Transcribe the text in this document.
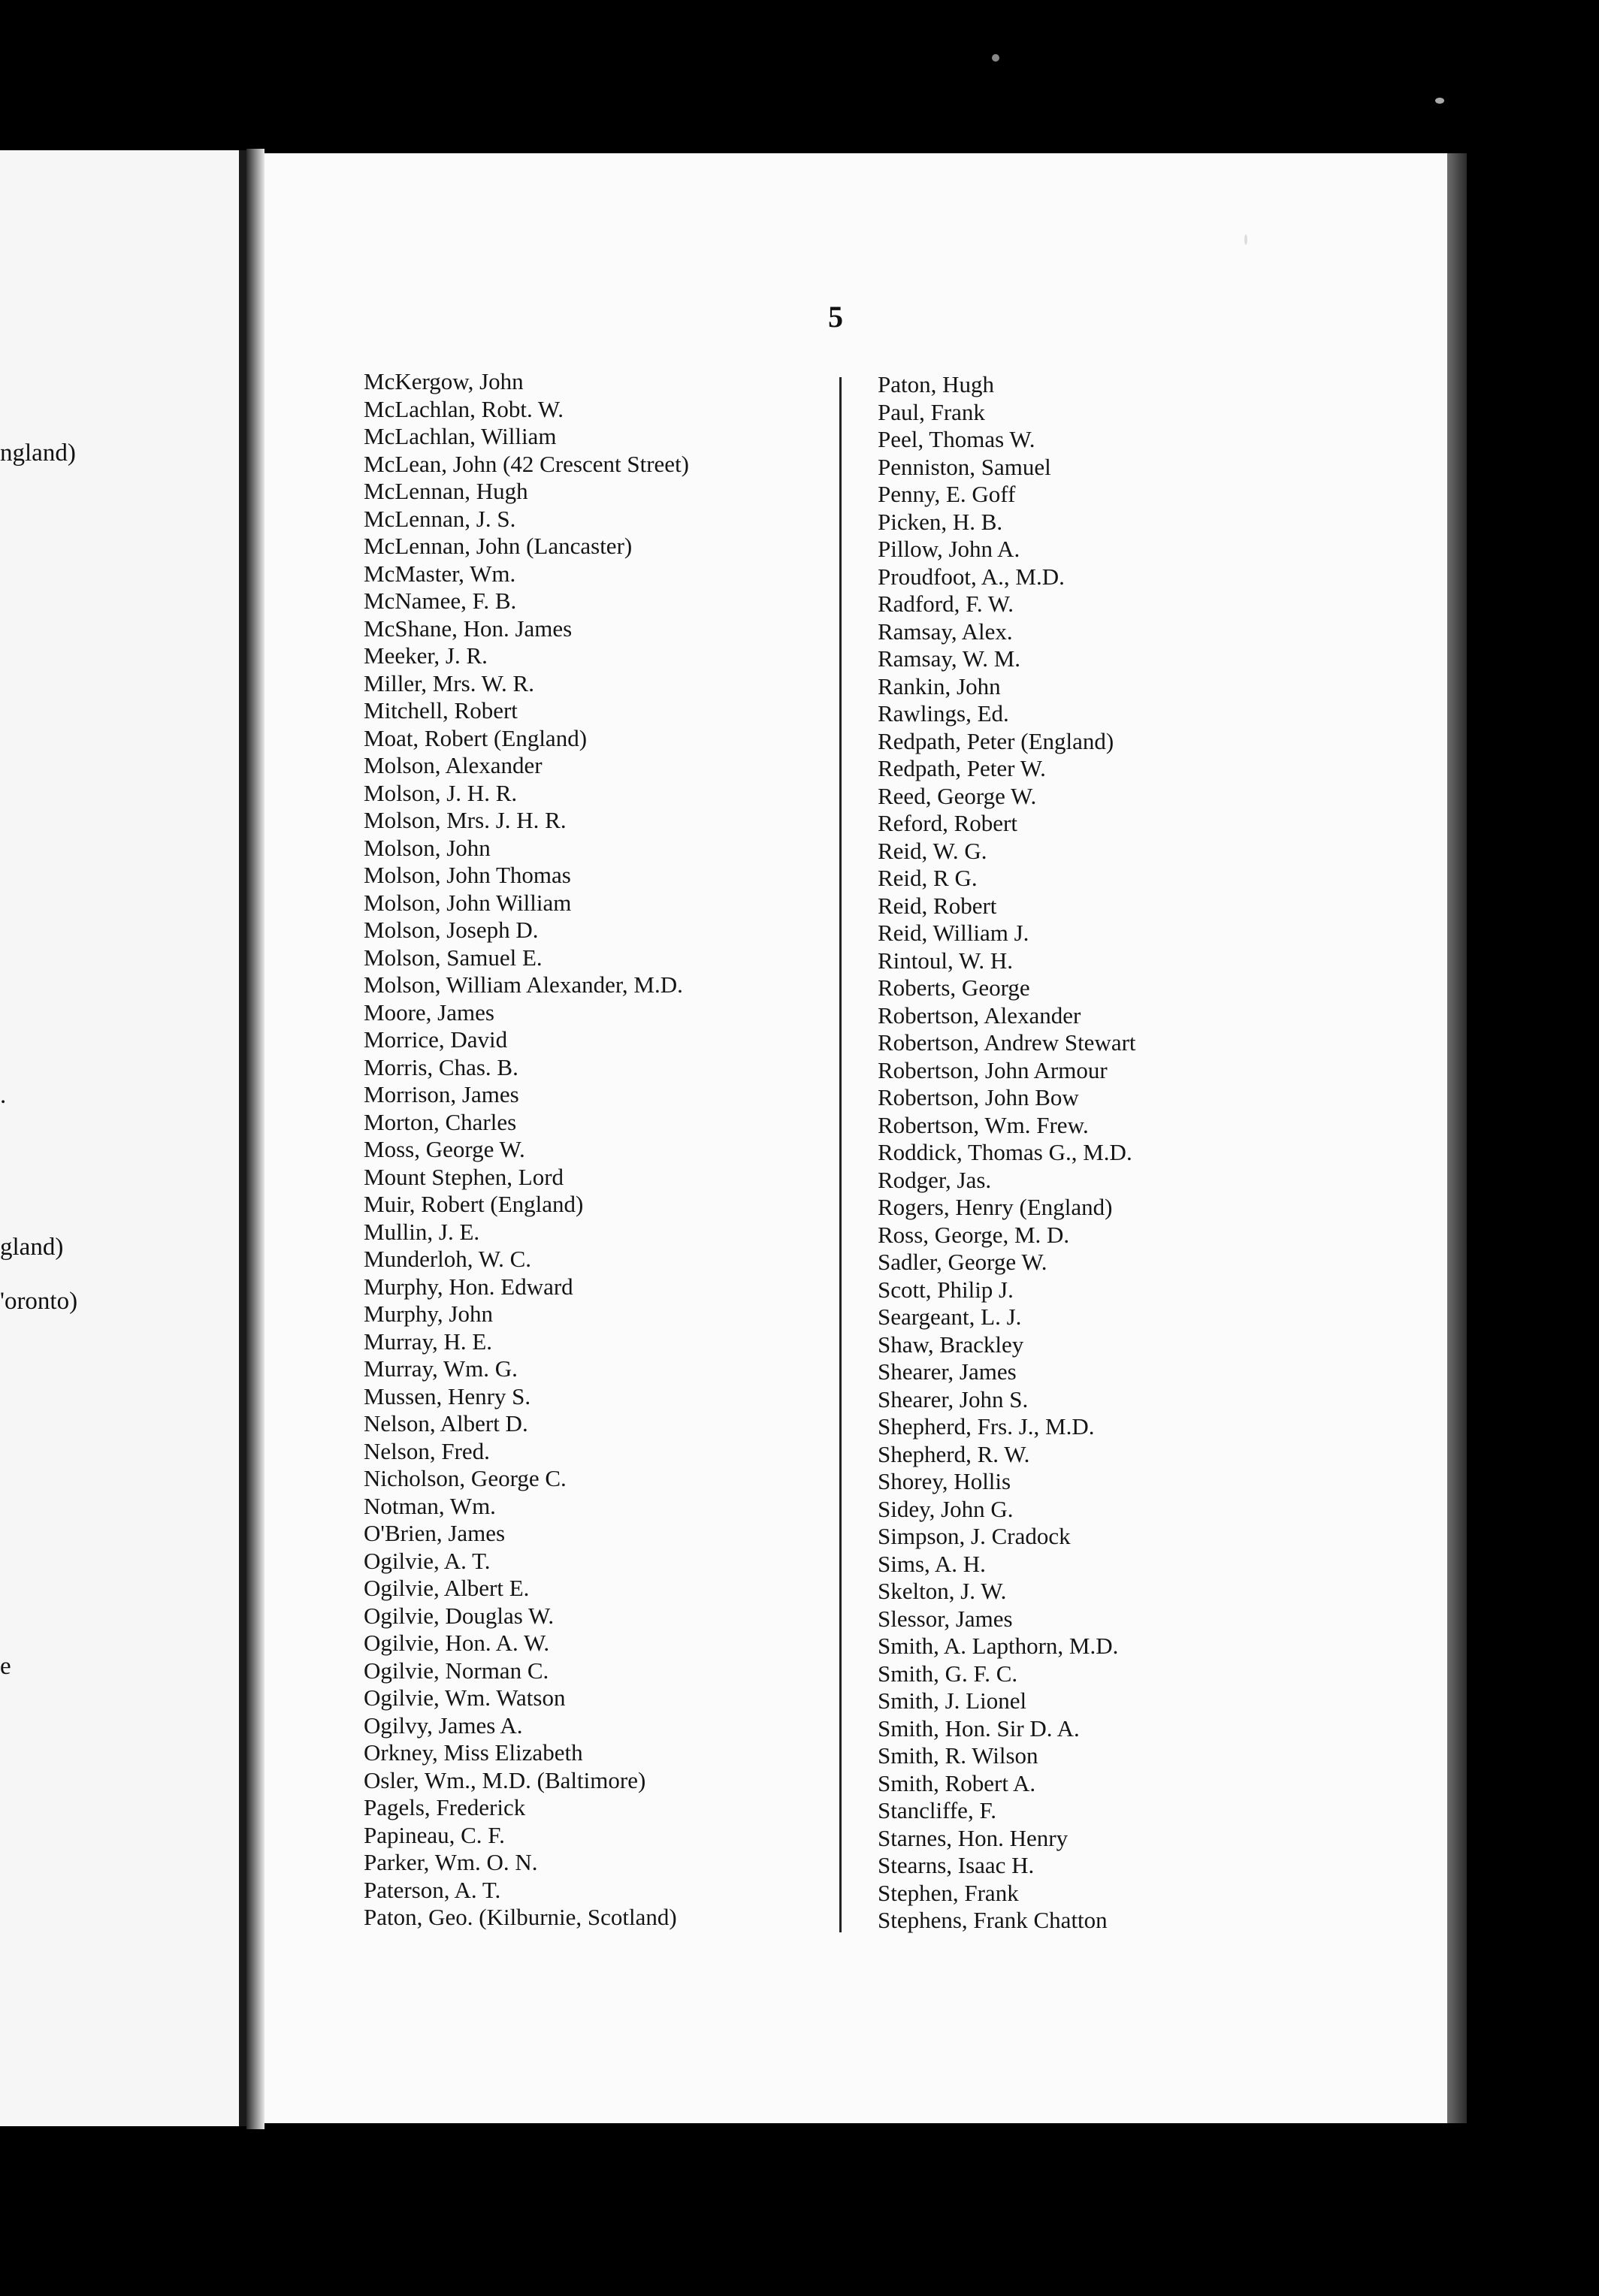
ngland)
gland)
'oronto)
.
e
5
McKergow, John
McLachlan, Robt. W.
McLachlan, William
McLean, John (42 Crescent Street)
McLennan, Hugh
McLennan, J. S.
McLennan, John (Lancaster)
McMaster, Wm.
McNamee, F. B.
McShane, Hon. James
Meeker, J. R.
Miller, Mrs. W. R.
Mitchell, Robert
Moat, Robert (England)
Molson, Alexander
Molson, J. H. R.
Molson, Mrs. J. H. R.
Molson, John
Molson, John Thomas
Molson, John William
Molson, Joseph D.
Molson, Samuel E.
Molson, William Alexander, M.D.
Moore, James
Morrice, David
Morris, Chas. B.
Morrison, James
Morton, Charles
Moss, George W.
Mount Stephen, Lord
Muir, Robert (England)
Mullin, J. E.
Munderloh, W. C.
Murphy, Hon. Edward
Murphy, John
Murray, H. E.
Murray, Wm. G.
Mussen, Henry S.
Nelson, Albert D.
Nelson, Fred.
Nicholson, George C.
Notman, Wm.
O'Brien, James
Ogilvie, A. T.
Ogilvie, Albert E.
Ogilvie, Douglas W.
Ogilvie, Hon. A. W.
Ogilvie, Norman C.
Ogilvie, Wm. Watson
Ogilvy, James A.
Orkney, Miss Elizabeth
Osler, Wm., M.D. (Baltimore)
Pagels, Frederick
Papineau, C. F.
Parker, Wm. O. N.
Paterson, A. T.
Paton, Geo. (Kilburnie, Scotland)
Paton, Hugh
Paul, Frank
Peel, Thomas W.
Penniston, Samuel
Penny, E. Goff
Picken, H. B.
Pillow, John A.
Proudfoot, A., M.D.
Radford, F. W.
Ramsay, Alex.
Ramsay, W. M.
Rankin, John
Rawlings, Ed.
Redpath, Peter (England)
Redpath, Peter W.
Reed, George W.
Reford, Robert
Reid, W. G.
Reid, R G.
Reid, Robert
Reid, William J.
Rintoul, W. H.
Roberts, George
Robertson, Alexander
Robertson, Andrew Stewart
Robertson, John Armour
Robertson, John Bow
Robertson, Wm. Frew.
Roddick, Thomas G., M.D.
Rodger, Jas.
Rogers, Henry (England)
Ross, George, M. D.
Sadler, George W.
Scott, Philip J.
Seargeant, L. J.
Shaw, Brackley
Shearer, James
Shearer, John S.
Shepherd, Frs. J., M.D.
Shepherd, R. W.
Shorey, Hollis
Sidey, John G.
Simpson, J. Cradock
Sims, A. H.
Skelton, J. W.
Slessor, James
Smith, A. Lapthorn, M.D.
Smith, G. F. C.
Smith, J. Lionel
Smith, Hon. Sir D. A.
Smith, R. Wilson
Smith, Robert A.
Stancliffe, F.
Starnes, Hon. Henry
Stearns, Isaac H.
Stephen, Frank
Stephens, Frank Chatton
